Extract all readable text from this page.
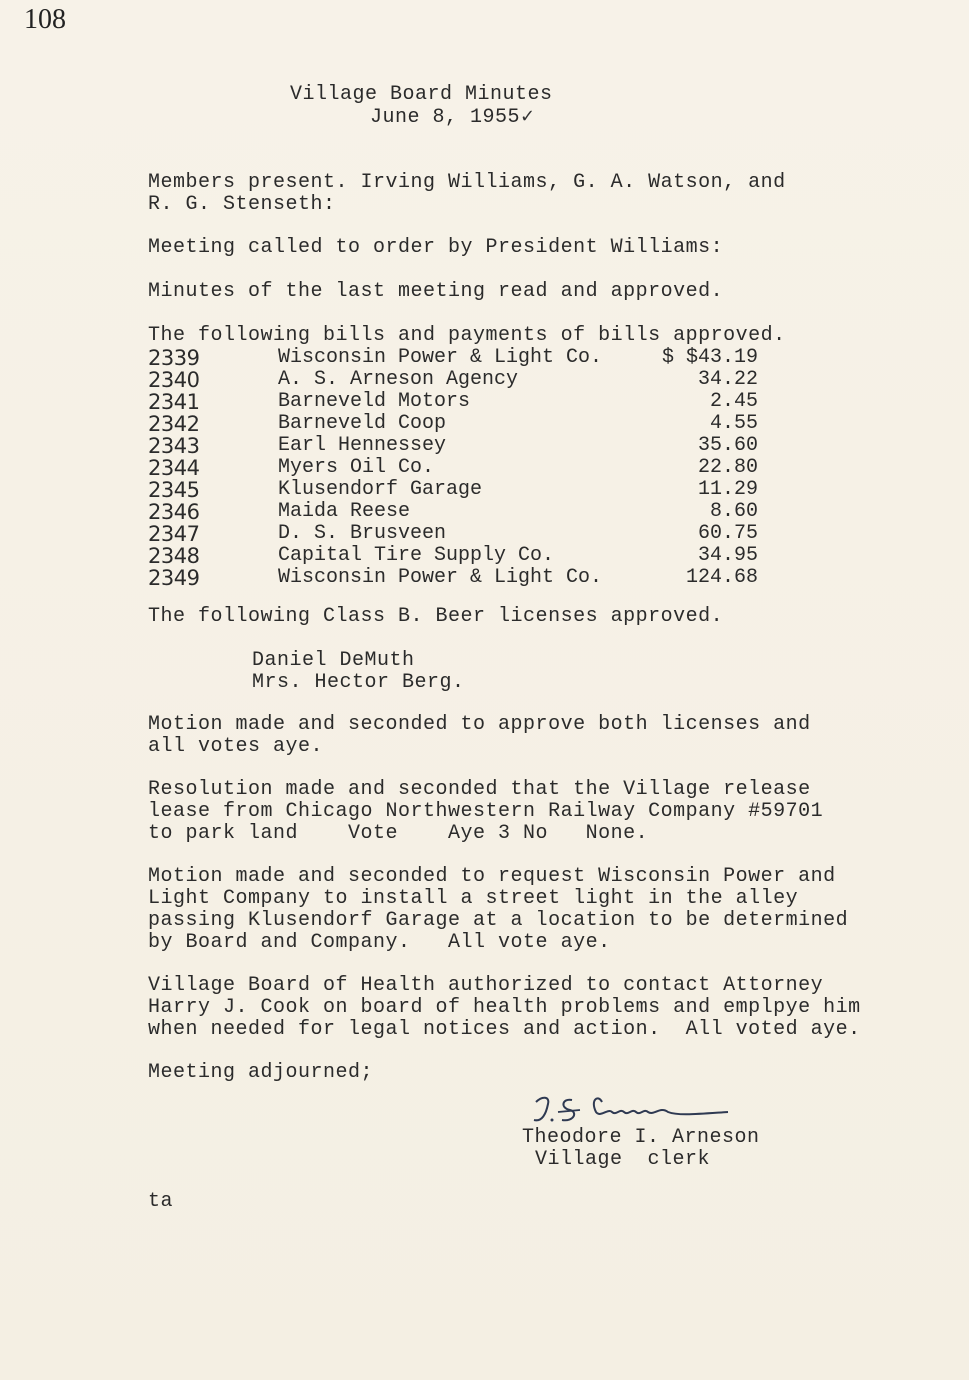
108
Village Board Minutes
June 8, 1955✓
Members present. Irving Williams, G. A. Watson, and
R. G. Stenseth:
Meeting called to order by President Williams:
Minutes of the last meeting read and approved.
The following bills and payments of bills approved.
2339	Wisconsin Power & Light Co.	$ $43.19
2340	A. S. Arneson Agency	34.22
2341	Barneveld Motors	2.45
2342	Barneveld Coop	4.55
2343	Earl Hennessey	35.60
2344	Myers Oil Co.	22.80
2345	Klusendorf Garage	11.29
2346	Maida Reese	8.60
2347	D. S. Brusveen	60.75
2348	Capital Tire Supply Co.	34.95
2349	Wisconsin Power & Light Co.	124.68
The following Class B. Beer licenses approved.
Daniel DeMuth
Mrs. Hector Berg.
Motion made and seconded to approve both licenses and
all votes aye.
Resolution made and seconded that the Village release
lease from Chicago Northwestern Railway Company #59701
to park land    Vote    Aye 3 No   None.
Motion made and seconded to request Wisconsin Power and
Light Company to install a street light in the alley
passing Klusendorf Garage at a location to be determined
by Board and Company.   All vote aye.
Village Board of Health authorized to contact Attorney
Harry J. Cook on board of health problems and emplpye him
when needed for legal notices and action.  All voted aye.
Meeting adjourned;
Theodore I. Arneson
Village  clerk
ta
